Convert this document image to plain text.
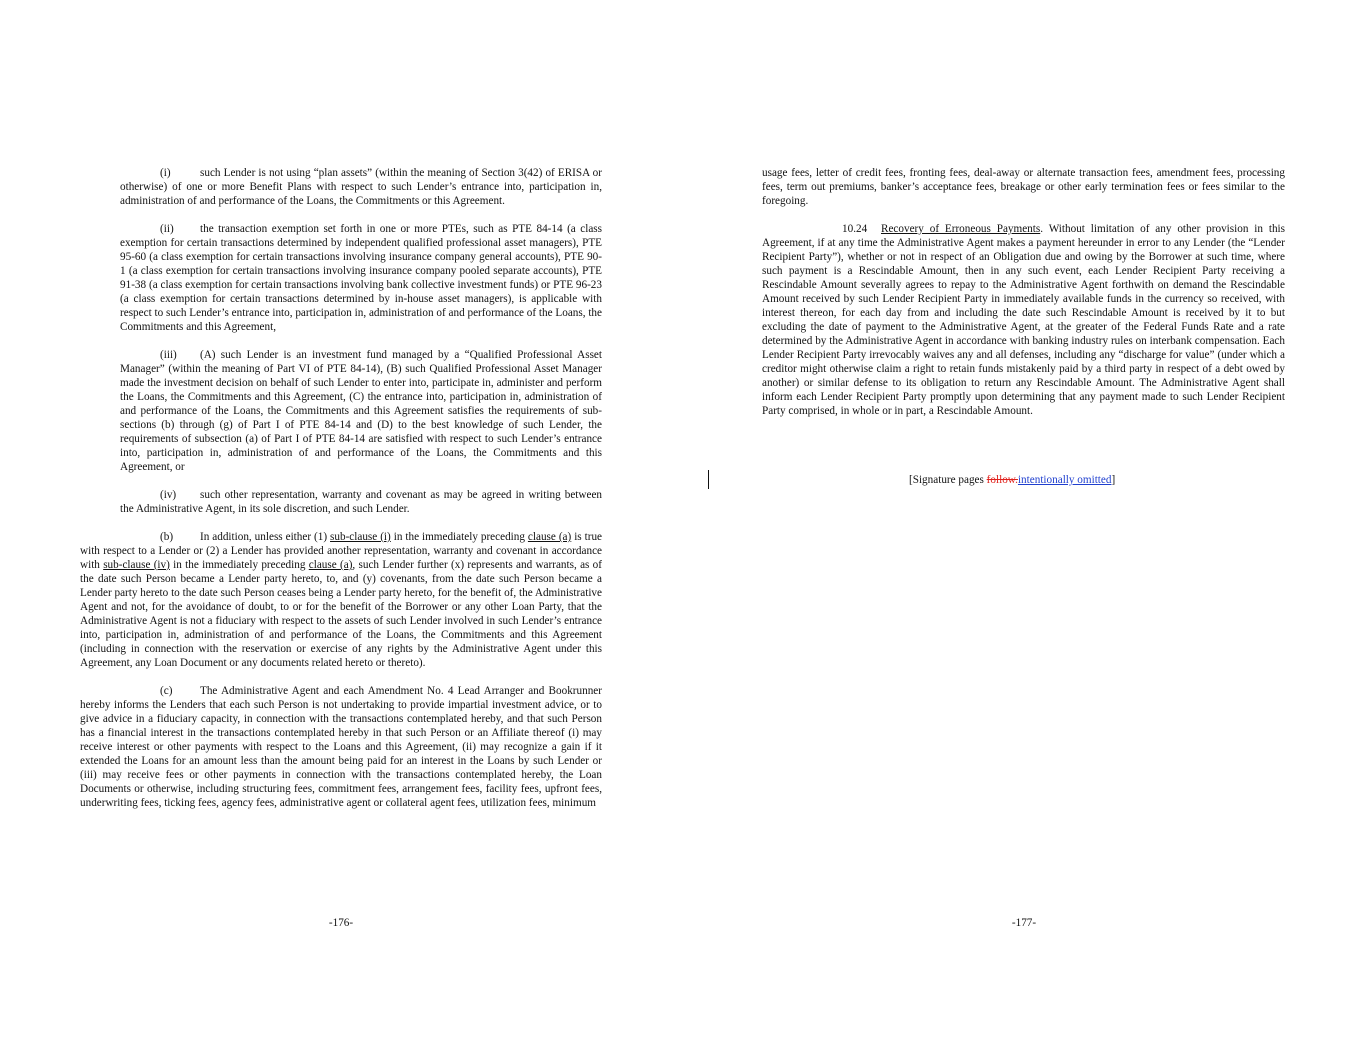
(i)	such Lender is not using “plan assets” (within the meaning of Section 3(42) of ERISA or otherwise) of one or more Benefit Plans with respect to such Lender’s entrance into, participation in, administration of and performance of the Loans, the Commitments or this Agreement.

(ii) the transaction exemption set forth in one or more PTEs, such as PTE 84-14 (a class exemption for certain transactions determined by independent qualified professional asset managers), PTE 95-60 (a class exemption for certain transactions involving insurance company general accounts), PTE 90-1 (a class exemption for certain transactions involving insurance company pooled separate accounts), PTE 91-38 (a class exemption for certain transactions involving bank collective investment funds) or PTE 96-23 (a class exemption for certain transactions determined by in-house asset managers), is applicable with respect to such Lender’s entrance into, participation in, administration of and performance of the Loans, the Commitments and this Agreement,

(iii) (A) such Lender is an investment fund managed by a “Qualified Professional Asset Manager” (within the meaning of Part VI of PTE 84-14), (B) such Qualified Professional Asset Manager made the investment decision on behalf of such Lender to enter into, participate in, administer and perform the Loans, the Commitments and this Agreement, (C) the entrance into, participation in, administration of and performance of the Loans, the Commitments and this Agreement satisfies the requirements of sub-sections (b) through (g) of Part I of PTE 84-14 and (D) to the best knowledge of such Lender, the requirements of subsection (a) of Part I of PTE 84-14 are satisfied with respect to such Lender’s entrance into, participation in, administration of and performance of the Loans, the Commitments and this Agreement, or

(iv) such other representation, warranty and covenant as may be agreed in writing between the Administrative Agent, in its sole discretion, and such Lender.

(b) In addition, unless either (1) sub-clause (i) in the immediately preceding clause (a) is true with respect to a Lender or (2) a Lender has provided another representation, warranty and covenant in accordance with sub-clause (iv) in the immediately preceding clause (a), such Lender further (x) represents and warrants, as of the date such Person became a Lender party hereto, to, and (y) covenants, from the date such Person became a Lender party hereto to the date such Person ceases being a Lender party hereto, for the benefit of, the Administrative Agent and not, for the avoidance of doubt, to or for the benefit of the Borrower or any other Loan Party, that the Administrative Agent is not a fiduciary with respect to the assets of such Lender involved in such Lender’s entrance into, participation in, administration of and performance of the Loans, the Commitments and this Agreement (including in connection with the reservation or exercise of any rights by the Administrative Agent under this Agreement, any Loan Document or any documents related hereto or thereto).

(c) The Administrative Agent and each Amendment No. 4 Lead Arranger and Bookrunner hereby informs the Lenders that each such Person is not undertaking to provide impartial investment advice, or to give advice in a fiduciary capacity, in connection with the transactions contemplated hereby, and that such Person has a financial interest in the transactions contemplated hereby in that such Person or an Affiliate thereof (i) may receive interest or other payments with respect to the Loans and this Agreement, (ii) may recognize a gain if it extended the Loans for an amount less than the amount being paid for an interest in the Loans by such Lender or (iii) may receive fees or other payments in connection with the transactions contemplated hereby, the Loan Documents or otherwise, including structuring fees, commitment fees, arrangement fees, facility fees, upfront fees, underwriting fees, ticking fees, agency fees, administrative agent or collateral agent fees, utilization fees, minimum

-176-

usage fees, letter of credit fees, fronting fees, deal-away or alternate transaction fees, amendment fees, processing fees, term out premiums, banker’s acceptance fees, breakage or other early termination fees or fees similar to the foregoing.

10.24 Recovery of Erroneous Payments. Without limitation of any other provision in this Agreement, if at any time the Administrative Agent makes a payment hereunder in error to any Lender (the “Lender Recipient Party”), whether or not in respect of an Obligation due and owing by the Borrower at such time, where such payment is a Rescindable Amount, then in any such event, each Lender Recipient Party receiving a Rescindable Amount severally agrees to repay to the Administrative Agent forthwith on demand the Rescindable Amount received by such Lender Recipient Party in immediately available funds in the currency so received, with interest thereon, for each day from and including the date such Rescindable Amount is received by it to but excluding the date of payment to the Administrative Agent, at the greater of the Federal Funds Rate and a rate determined by the Administrative Agent in accordance with banking industry rules on interbank compensation. Each Lender Recipient Party irrevocably waives any and all defenses, including any “discharge for value” (under which a creditor might otherwise claim a right to retain funds mistakenly paid by a third party in respect of a debt owed by another) or similar defense to its obligation to return any Rescindable Amount. The Administrative Agent shall inform each Lender Recipient Party promptly upon determining that any payment made to such Lender Recipient Party comprised, in whole or in part, a Rescindable Amount.

[Signature pages follow.intentionally omitted]
-177-
